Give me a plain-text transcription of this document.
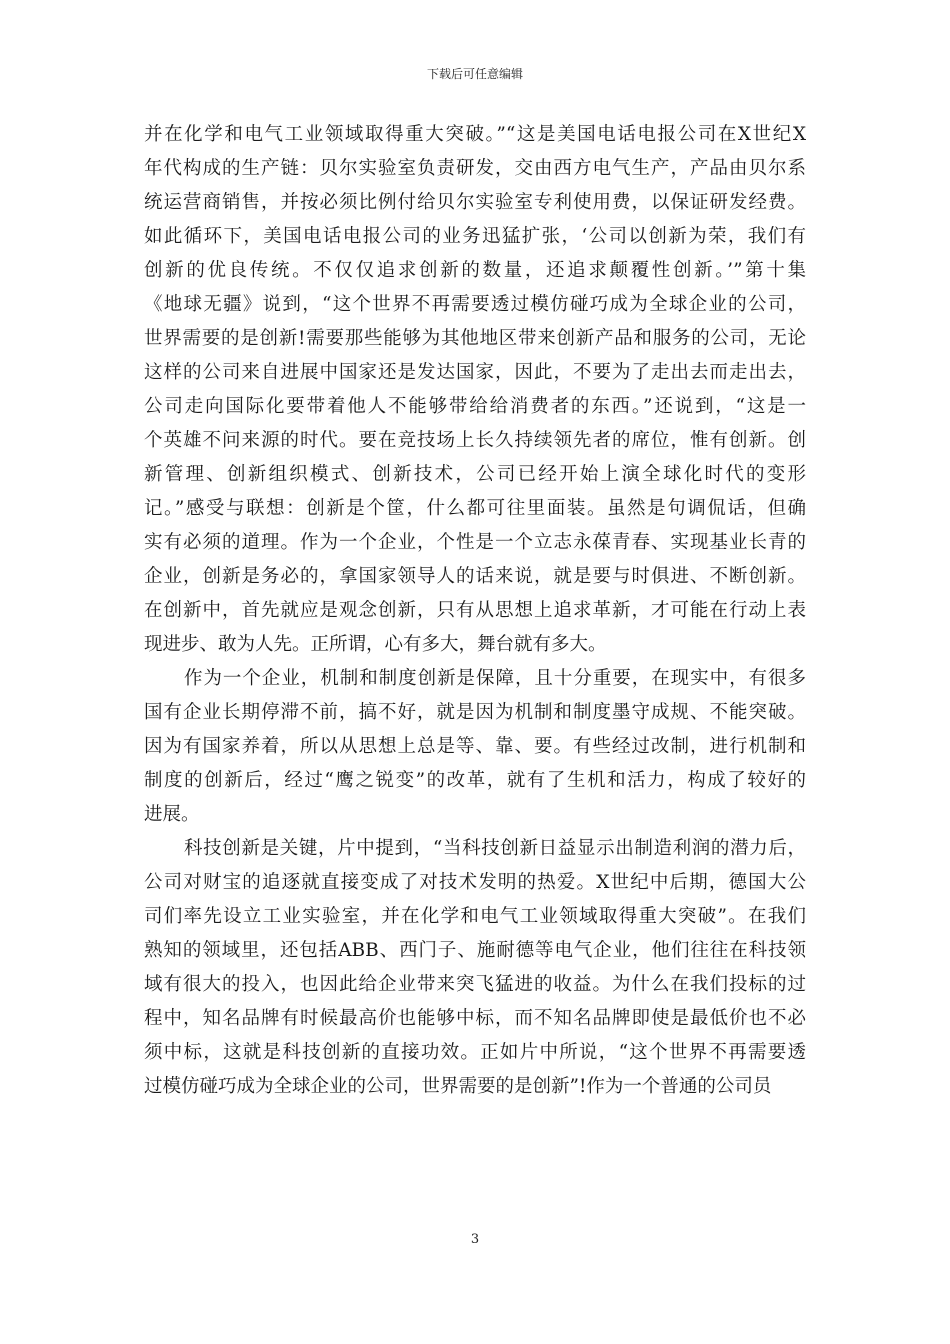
下载后可任意编辑
并在化学和电气工业领域取得重大突破。”“这是美国电话电报公司在X世纪X
年代构成的生产链：贝尔实验室负责研发，交由西方电气生产，产品由贝尔系
统运营商销售，并按必须比例付给贝尔实验室专利使用费，以保证研发经费。
如此循环下，美国电话电报公司的业务迅猛扩张，‘公司以创新为荣，我们有
创新的优良传统。不仅仅追求创新的数量，还追求颠覆性创新。’”第十集
《地球无疆》说到，“这个世界不再需要透过模仿碰巧成为全球企业的公司，
世界需要的是创新!需要那些能够为其他地区带来创新产品和服务的公司，无论
这样的公司来自进展中国家还是发达国家，因此，不要为了走出去而走出去，
公司走向国际化要带着他人不能够带给给消费者的东西。”还说到，“这是一
个英雄不问来源的时代。要在竞技场上长久持续领先者的席位，惟有创新。创
新管理、创新组织模式、创新技术，公司已经开始上演全球化时代的变形
记。”感受与联想：创新是个筐，什么都可往里面装。虽然是句调侃话，但确
实有必须的道理。作为一个企业，个性是一个立志永葆青春、实现基业长青的
企业，创新是务必的，拿国家领导人的话来说，就是要与时俱进、不断创新。
在创新中，首先就应是观念创新，只有从思想上追求革新，才可能在行动上表
现进步、敢为人先。正所谓，心有多大，舞台就有多大。
作为一个企业，机制和制度创新是保障，且十分重要，在现实中，有很多
国有企业长期停滞不前，搞不好，就是因为机制和制度墨守成规、不能突破。
因为有国家养着，所以从思想上总是等、靠、要。有些经过改制，进行机制和
制度的创新后，经过“鹰之锐变”的改革，就有了生机和活力，构成了较好的
进展。
科技创新是关键，片中提到，“当科技创新日益显示出制造利润的潜力后，
公司对财宝的追逐就直接变成了对技术发明的热爱。X世纪中后期，德国大公
司们率先设立工业实验室，并在化学和电气工业领域取得重大突破”。在我们
熟知的领域里，还包括ABB、西门子、施耐德等电气企业，他们往往在科技领
域有很大的投入，也因此给企业带来突飞猛进的收益。为什么在我们投标的过
程中，知名品牌有时候最高价也能够中标，而不知名品牌即使是最低价也不必
须中标，这就是科技创新的直接功效。正如片中所说，“这个世界不再需要透
过模仿碰巧成为全球企业的公司，世界需要的是创新”!作为一个普通的公司员
3
